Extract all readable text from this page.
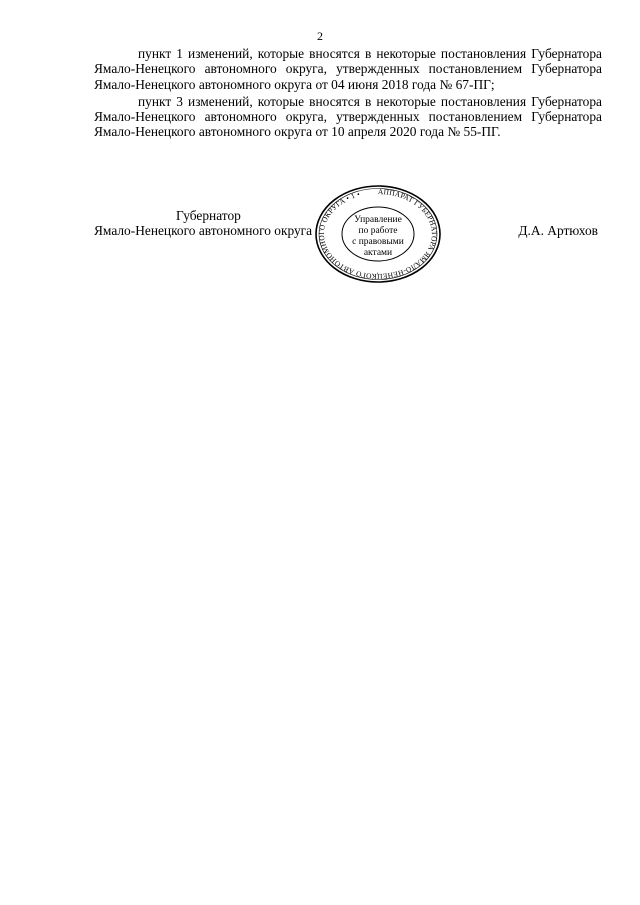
2

пункт 1 изменений, которые вносятся в некоторые постановления Губернатора Ямало-Ненецкого автономного округа, утвержденных постановлением Губернатора Ямало-Ненецкого автономного округа от 04 июня 2018 года № 67-ПГ;

пункт 3 изменений, которые вносятся в некоторые постановления Губернатора Ямало-Ненецкого автономного округа, утвержденных постановлением Губернатора Ямало-Ненецкого автономного округа от 10 апреля 2020 года № 55-ПГ.

Губернатор
Ямало-Ненецкого автономного округа	Д.А. Артюхов
АППАРАТ ГУБЕРНАТОРА ЯМАЛО-НЕНЕЦКОГО АВТОНОМНОГО ОКРУГА • 1 •
Управление
по работе
с правовыми
актами
